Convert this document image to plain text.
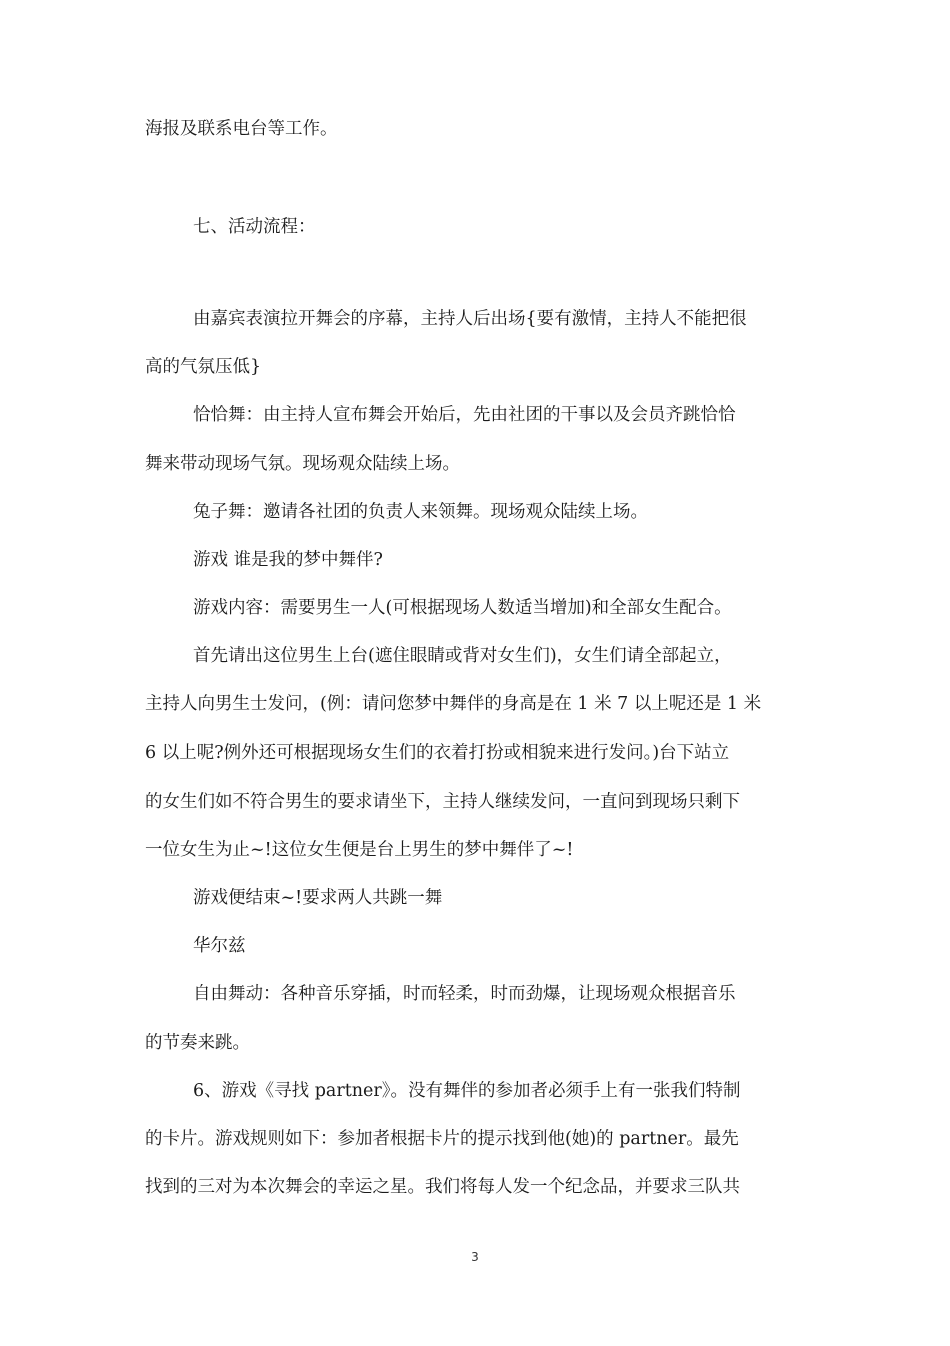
海报及联系电台等工作。

七、活动流程：

由嘉宾表演拉开舞会的序幕，主持人后出场{要有激情，主持人不能把很

高的气氛压低}

恰恰舞：由主持人宣布舞会开始后，先由社团的干事以及会员齐跳恰恰

舞来带动现场气氛。现场观众陆续上场。

兔子舞：邀请各社团的负责人来领舞。现场观众陆续上场。

游戏 谁是我的梦中舞伴?

游戏内容：需要男生一人(可根据现场人数适当增加)和全部女生配合。

首先请出这位男生上台(遮住眼睛或背对女生们)，女生们请全部起立，

主持人向男生士发问，(例：请问您梦中舞伴的身高是在 1 米 7 以上呢还是 1 米

6 以上呢?例外还可根据现场女生们的衣着打扮或相貌来进行发问。)台下站立

的女生们如不符合男生的要求请坐下，主持人继续发问，一直问到现场只剩下

一位女生为止~!这位女生便是台上男生的梦中舞伴了~!

游戏便结束~!要求两人共跳一舞

华尔兹

自由舞动：各种音乐穿插，时而轻柔，时而劲爆，让现场观众根据音乐

的节奏来跳。

6、游戏《寻找 partner》。没有舞伴的参加者必须手上有一张我们特制

的卡片。游戏规则如下：参加者根据卡片的提示找到他(她)的 partner。最先

找到的三对为本次舞会的幸运之星。我们将每人发一个纪念品，并要求三队共

3
